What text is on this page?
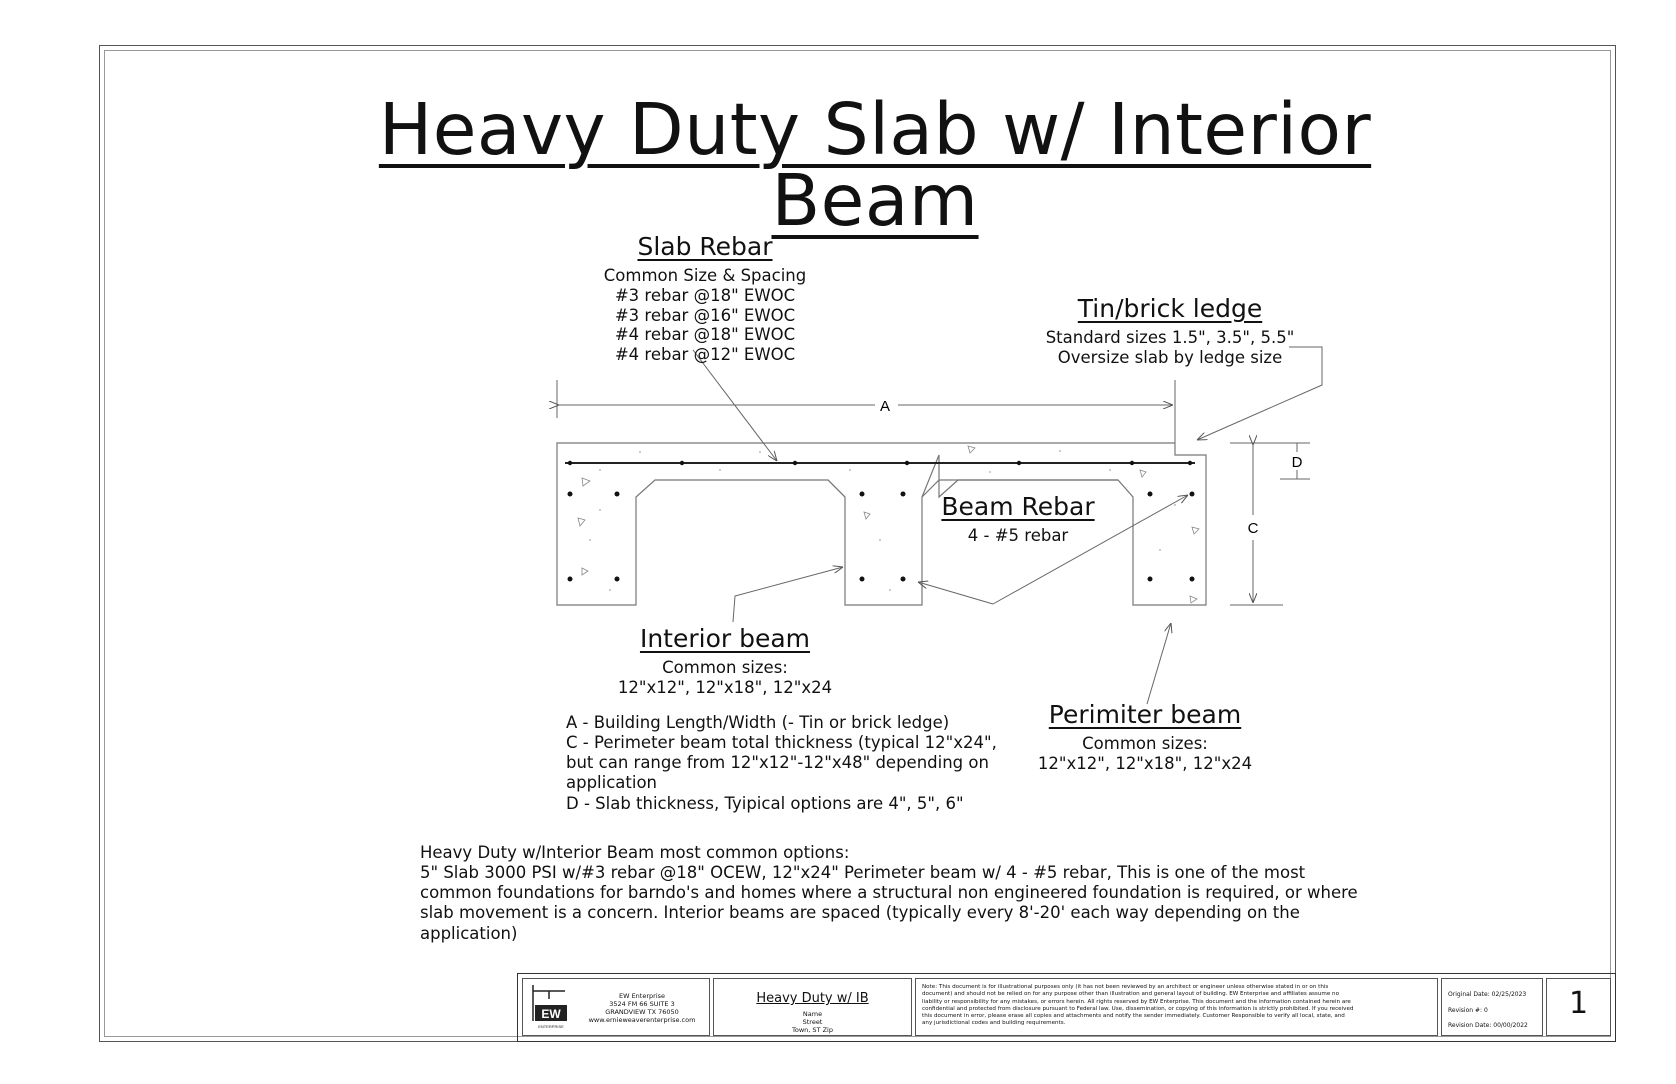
Heavy Duty Slab w/ Interior Beam
A
C
D
Slab Rebar
Common Size & Spacing
#3 rebar @18" EWOC
#3 rebar @16" EWOC
#4 rebar @18" EWOC
#4 rebar @12" EWOC
Tin/brick ledge
Standard sizes 1.5", 3.5", 5.5"
Oversize slab by ledge size
Beam Rebar
4 - #5 rebar
Interior beam
Common sizes:
12"x12", 12"x18", 12"x24
Perimiter beam
Common sizes:
12"x12", 12"x18", 12"x24
A - Building Length/Width (- Tin or brick ledge)
C - Perimeter beam total thickness (typical 12"x24",
but can range from 12"x12"-12"x48" depending on
application
D - Slab thickness, Tyipical options are 4", 5", 6"
Heavy Duty w/Interior Beam most common options:
5" Slab 3000 PSI w/#3 rebar @18" OCEW, 12"x24" Perimeter beam w/ 4 - #5 rebar, This is one of the most
common foundations for barndo's and homes where a structural non engineered foundation is required, or where
slab movement is a concern. Interior beams are spaced (typically every 8'-20' each way depending on the
application)
EW
ENTERPRISE
EW Enterprise
3524 FM 66 SUITE 3
GRANDVIEW TX 76050
www.ernieweaverenterprise.com
Heavy Duty w/ IB
Name
Street
Town, ST Zip
Note: This document is for illustrational purposes only (it has not been reviewed by an architect or engineer unless otherwise stated in or on this
document) and should not be relied on for any purpose other than illustration and general layout of building. EW Enterprise and affiliates assume no
liability or responsibility for any mistakes, or errors herein. All rights reserved by EW Enterprise. This document and the information contained herein are
confidential and protected from disclosure pursuant to Federal law. Use, dissemination, or copying of this information is strictly prohibited. If you received
this document in error, please erase all copies and attachments and notify the sender immediately. Customer Responsible to verify all local, state, and
any jurisdictional codes and building requirements.
Original Date: 02/25/2023
Revision #: 0
Revision Date: 00/00/2022
1
